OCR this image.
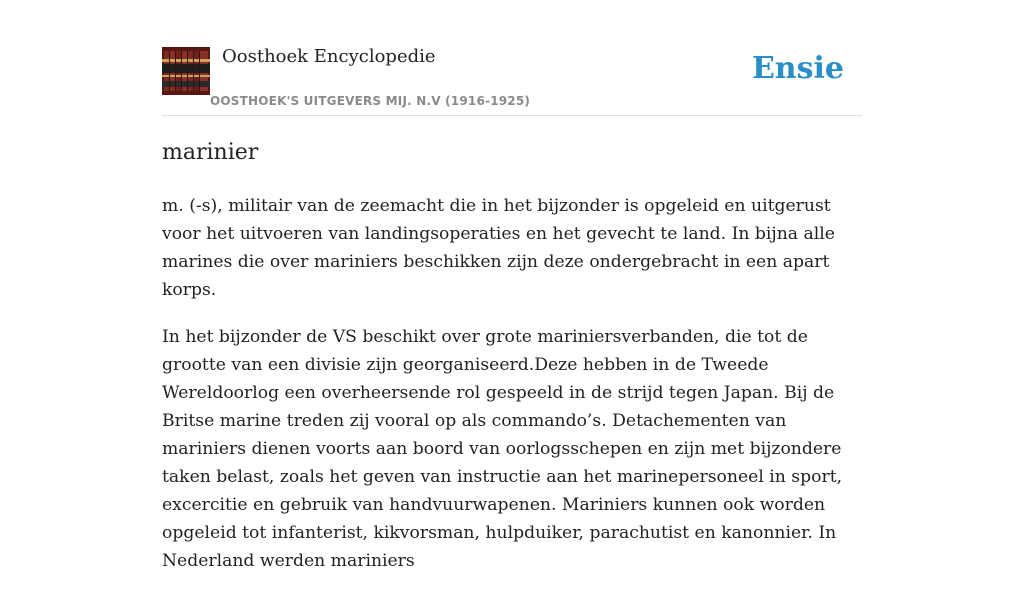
Oosthoek Encyclopedie
OOSTHOEK'S UITGEVERS MIJ. N.V (1916-1925)
Ensie
marinier

m. (-s), militair van de zeemacht die in het bijzonder is opgeleid en uitgerust voor het uitvoeren van landingsoperaties en het gevecht te land. In bijna alle marines die over mariniers beschikken zijn deze ondergebracht in een apart korps.

In het bijzonder de VS beschikt over grote mariniersverbanden, die tot de grootte van een divisie zijn georganiseerd.Deze hebben in de Tweede Wereldoorlog een overheersende rol gespeeld in de strijd tegen Japan. Bij de Britse marine treden zij vooral op als commando’s. Detachementen van mariniers dienen voorts aan boord van oorlogsschepen en zijn met bijzondere taken belast, zoals het geven van instructie aan het marinepersoneel in sport, excercitie en gebruik van handvuurwapenen. Mariniers kunnen ook worden opgeleid tot infanterist, kikvorsman, hulpduiker, parachutist en kanonnier. In Nederland werden mariniers
